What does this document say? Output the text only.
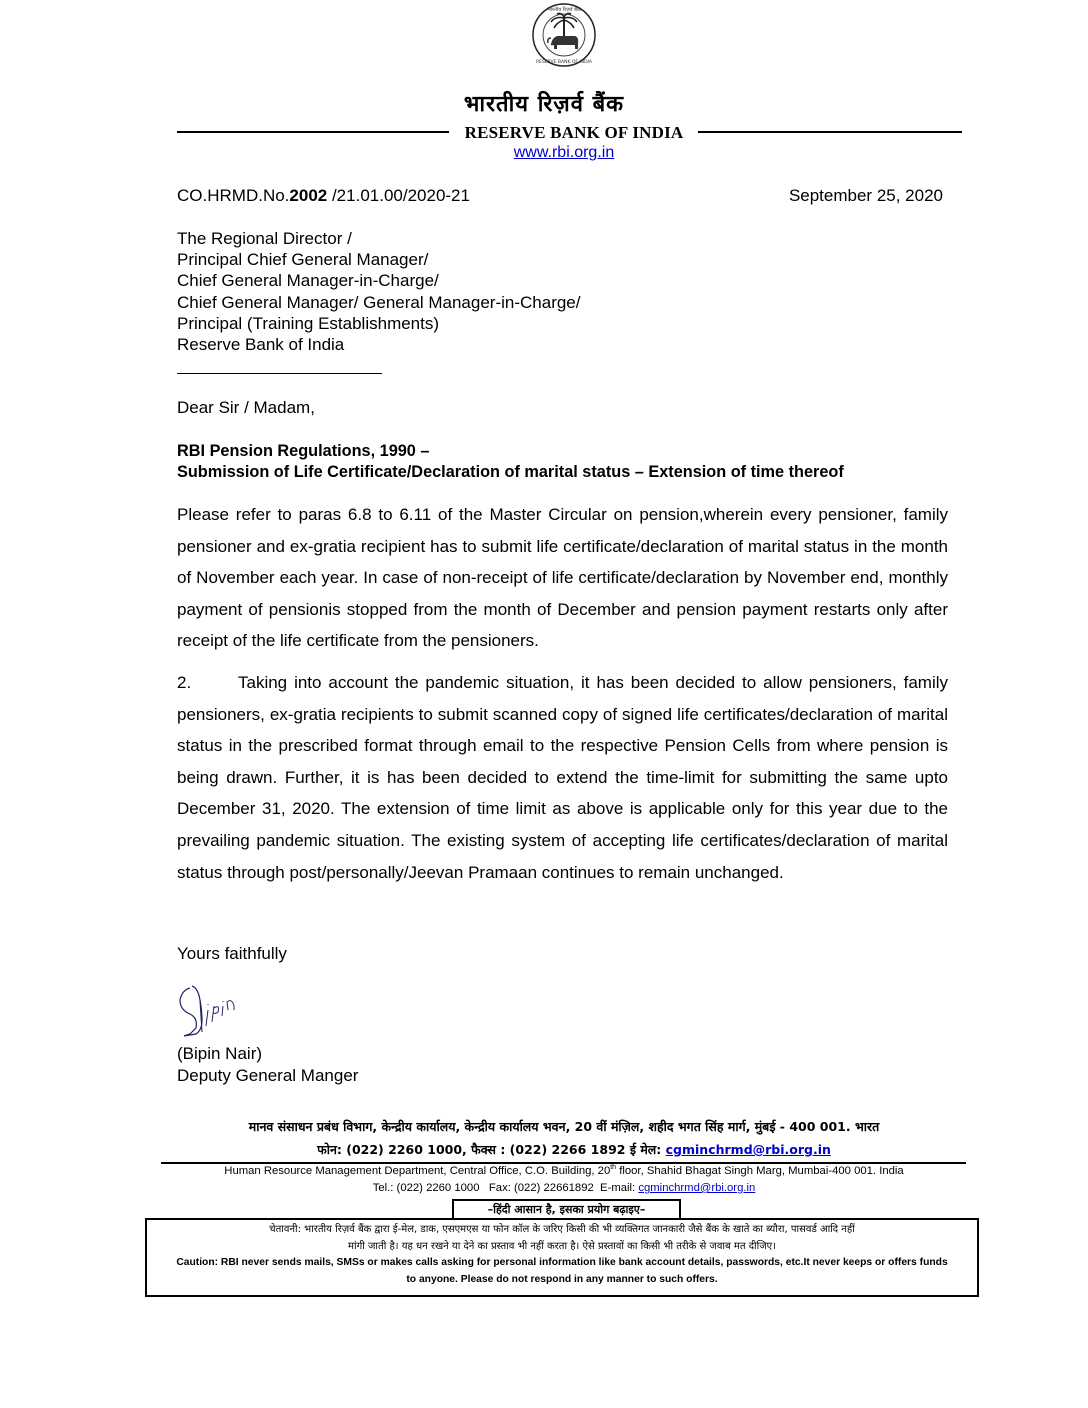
भारतीय रिज़र्व बैंक
RESERVE BANK OF INDIA
भारतीय रिज़र्व बैंक
RESERVE BANK OF INDIA
www.rbi.org.in
CO.HRMD.No.2002 /21.01.00/2020-21	September 25, 2020
The Regional Director /
Principal Chief General Manager/
Chief General Manager-in-Charge/
Chief General Manager/ General Manager-in-Charge/
Principal (Training Establishments)
Reserve Bank of India
Dear Sir / Madam,
RBI Pension Regulations, 1990 –
Submission of Life Certificate/Declaration of marital status – Extension of time thereof
Please refer to paras 6.8 to 6.11 of the Master Circular on pension,wherein every pensioner, family pensioner and ex-gratia recipient has to submit life certificate/declaration of marital status in the month of November each year. In case of non-receipt of life certificate/declaration by November end, monthly payment of pensionis stopped from the month of December and pension payment restarts only after receipt of the life certificate from the pensioners.
2.	Taking into account the pandemic situation, it has been decided to allow pensioners, family pensioners, ex-gratia recipients to submit scanned copy of signed life certificates/declaration of marital status in the prescribed format through email to the respective Pension Cells from where pension is being drawn. Further, it is has been decided to extend the time-limit for submitting the same upto December 31, 2020. The extension of time limit as above is applicable only for this year due to the prevailing pandemic situation. The existing system of accepting life certificates/declaration of marital status through post/personally/Jeevan Pramaan continues to remain unchanged.
Yours faithfully
(Bipin Nair)
Deputy General Manger
मानव संसाधन प्रबंध विभाग, केन्द्रीय कार्यालय, केन्द्रीय कार्यालय भवन, 20 वीं मंज़िल, शहीद भगत सिंह मार्ग, मुंबई - 400 001. भारत
फोन: (022) 2260 1000, फैक्स : (022) 2266 1892 ई मेल: cgminchrmd@rbi.org.in
Human Resource Management Department, Central Office, C.O. Building, 20th floor, Shahid Bhagat Singh Marg, Mumbai-400 001. India
Tel.: (022) 2260 1000   Fax: (022) 22661892  E-mail: cgminchrmd@rbi.org.in
–हिंदी आसान है, इसका प्रयोग बढ़ाइए–
चेतावनी: भारतीय रिज़र्व बैंक द्वारा ई-मेल, डाक, एसएमएस या फोन कॉल के जरिए किसी की भी व्यक्तिगत जानकारी जैसे बैंक के खाते का ब्यौरा, पासवर्ड आदि नहीं
मांगी जाती है। यह धन रखने या देने का प्रस्ताव भी नहीं करता है। ऐसे प्रस्तावों का किसी भी तरीके से जवाब मत दीजिए।
Caution: RBI never sends mails, SMSs or makes calls asking for personal information like bank account details, passwords, etc.It never keeps or offers funds
to anyone. Please do not respond in any manner to such offers.
